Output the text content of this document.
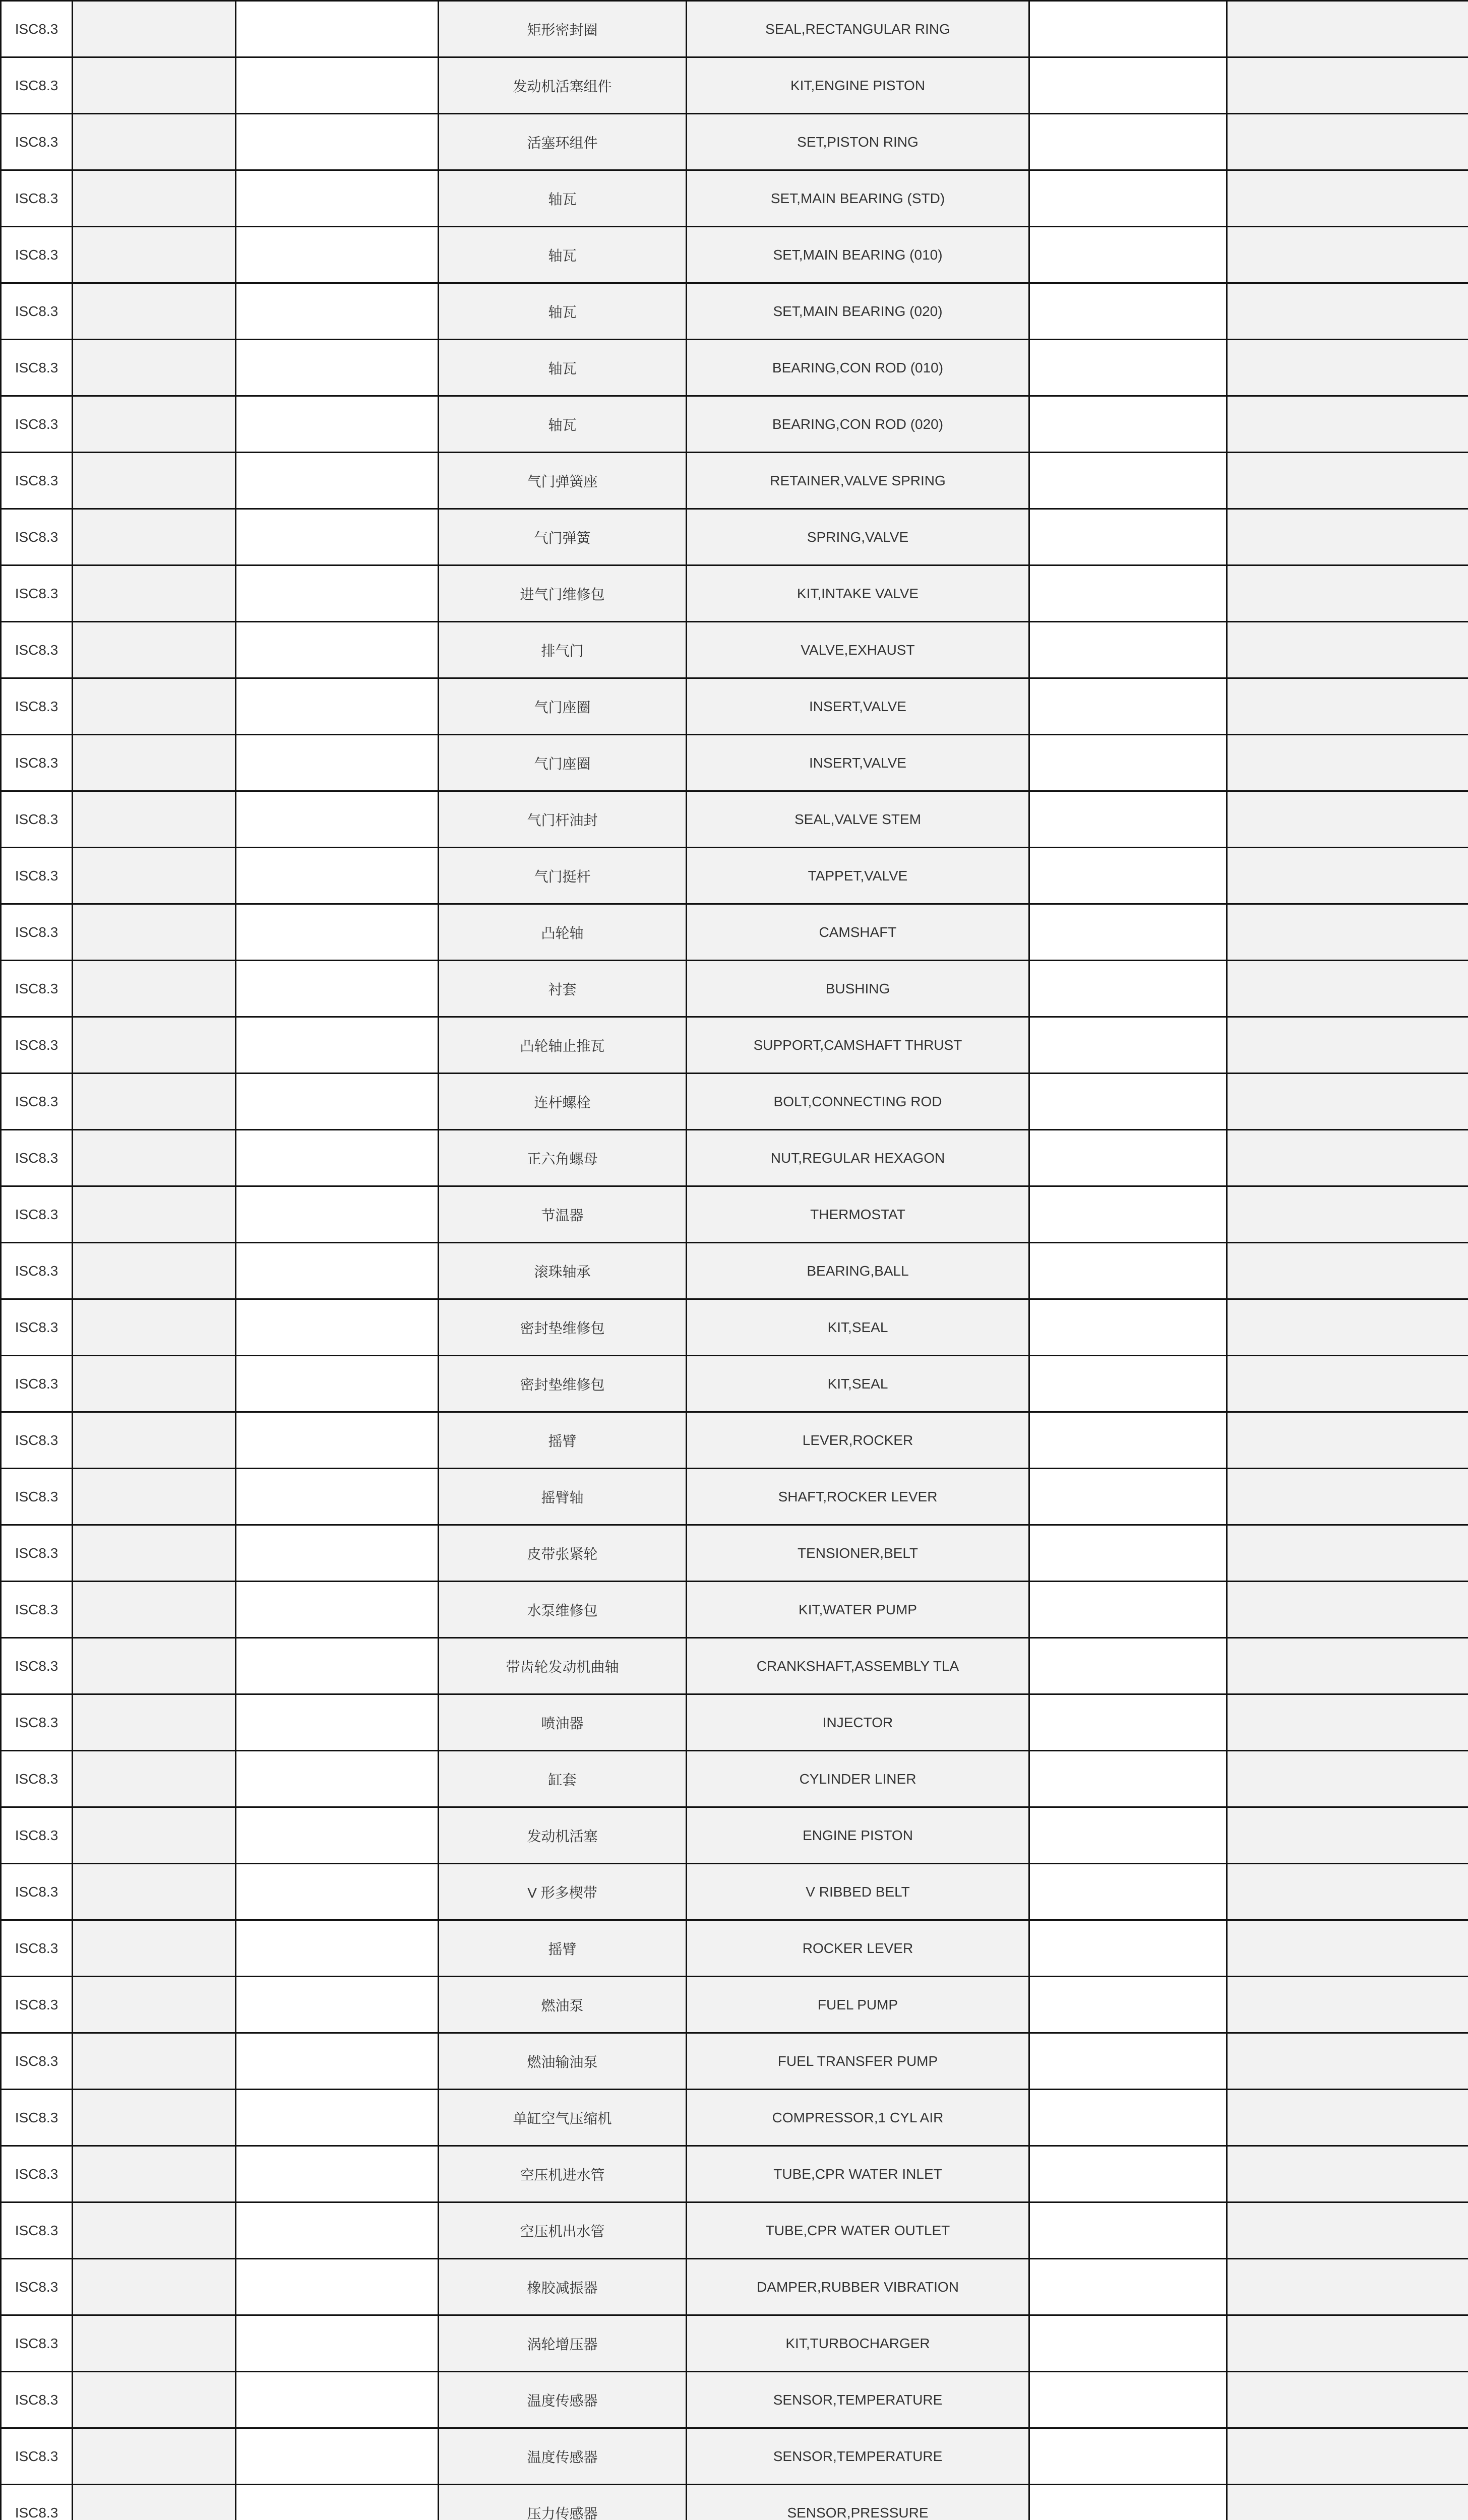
ISC8.3			矩形密封圈	SEAL,RECTANGULAR RING		
ISC8.3			发动机活塞组件	KIT,ENGINE PISTON		
ISC8.3			活塞环组件	SET,PISTON RING		
ISC8.3			轴瓦	SET,MAIN BEARING (STD)		
ISC8.3			轴瓦	SET,MAIN BEARING (010)		
ISC8.3			轴瓦	SET,MAIN BEARING (020)		
ISC8.3			轴瓦	BEARING,CON ROD (010)		
ISC8.3			轴瓦	BEARING,CON ROD (020)		
ISC8.3			气门弹簧座	RETAINER,VALVE SPRING		
ISC8.3			气门弹簧	SPRING,VALVE		
ISC8.3			进气门维修包	KIT,INTAKE VALVE		
ISC8.3			排气门	VALVE,EXHAUST		
ISC8.3			气门座圈	INSERT,VALVE		
ISC8.3			气门座圈	INSERT,VALVE		
ISC8.3			气门杆油封	SEAL,VALVE STEM		
ISC8.3			气门挺杆	TAPPET,VALVE		
ISC8.3			凸轮轴	CAMSHAFT		
ISC8.3			衬套	BUSHING		
ISC8.3			凸轮轴止推瓦	SUPPORT,CAMSHAFT THRUST		
ISC8.3			连杆螺栓	BOLT,CONNECTING ROD		
ISC8.3			正六角螺母	NUT,REGULAR HEXAGON		
ISC8.3			节温器	THERMOSTAT		
ISC8.3			滚珠轴承	BEARING,BALL		
ISC8.3			密封垫维修包	KIT,SEAL		
ISC8.3			密封垫维修包	KIT,SEAL		
ISC8.3			摇臂	LEVER,ROCKER		
ISC8.3			摇臂轴	SHAFT,ROCKER LEVER		
ISC8.3			皮带张紧轮	TENSIONER,BELT		
ISC8.3			水泵维修包	KIT,WATER PUMP		
ISC8.3			带齿轮发动机曲轴	CRANKSHAFT,ASSEMBLY TLA		
ISC8.3			喷油器	INJECTOR		
ISC8.3			缸套	CYLINDER LINER		
ISC8.3			发动机活塞	ENGINE PISTON		
ISC8.3			V 形多楔带	V RIBBED BELT		
ISC8.3			摇臂	ROCKER LEVER		
ISC8.3			燃油泵	FUEL PUMP		
ISC8.3			燃油输油泵	FUEL TRANSFER PUMP		
ISC8.3			单缸空气压缩机	COMPRESSOR,1 CYL AIR		
ISC8.3			空压机进水管	TUBE,CPR WATER INLET		
ISC8.3			空压机出水管	TUBE,CPR WATER OUTLET		
ISC8.3			橡胶减振器	DAMPER,RUBBER VIBRATION		
ISC8.3			涡轮增压器	KIT,TURBOCHARGER		
ISC8.3			温度传感器	SENSOR,TEMPERATURE		
ISC8.3			温度传感器	SENSOR,TEMPERATURE		
ISC8.3			压力传感器	SENSOR,PRESSURE		
